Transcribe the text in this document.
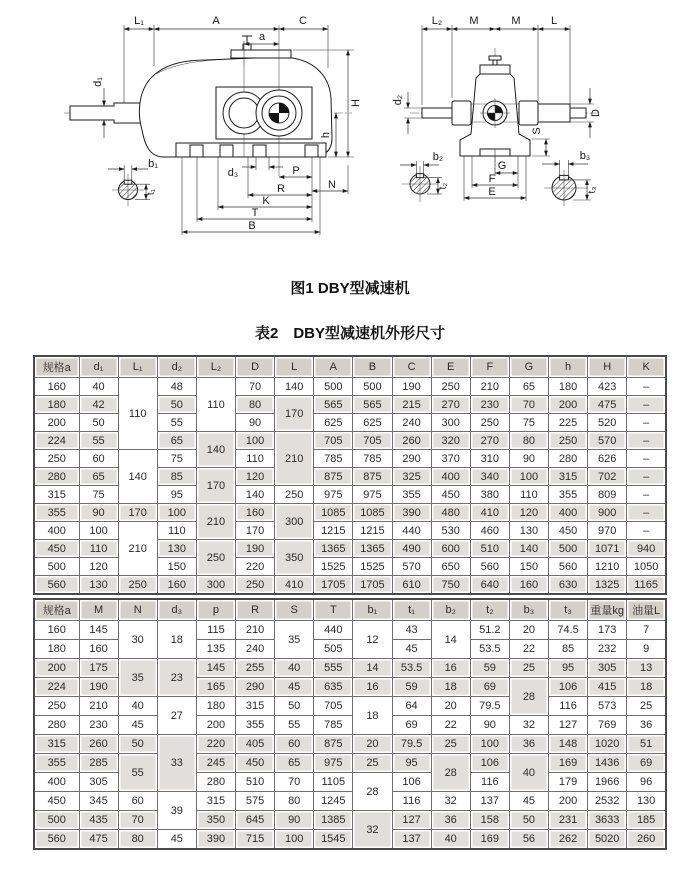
L₁	A	C
a
d₁
H
h
b₁
t₁
d₃	P
R	N
K
T
B
L₂ M	M	L
d₂
D
S
b₂
t₂
G
F
E
b₃
t₃
图1 DBY型减速机
表2　DBY型减速机外形尺寸
规格a	d₁	L₁	d₂	L₂	D	L	A	B	C	E	F	G	h	H	K
160	40	110	48	110	70	140	500	500	190	250	210	65	180	423	–
180	42		50		80	170	565	565	215	270	230	70	200	475	–
200	50		55		90		625	625	240	300	250	75	225	520	–
224	55		65	140	100	210	705	705	260	320	270	80	250	570	–
250	60	140	75		110		785	785	290	370	310	90	280	626	–
280	65		85	170	120		875	875	325	400	340	100	315	702	–
315	75		95		140	250	975	975	355	450	380	110	355	809	–
355	90	170	100	210	160	300	1085	1085	390	480	410	120	400	900	–
400	100	210	110		170		1215	1215	440	530	460	130	450	970	–
450	110		130	250	190	350	1365	1365	490	600	510	140	500	1071	940
500	120		150		220		1525	1525	570	650	560	150	560	1210	1050
560	130	250	160	300	250	410	1705	1705	610	750	640	160	630	1325	1165
规格a	M	N	d₃	p	R	S	T	b₁	t₁	b₂	t₂	b₃	t₃	重量kg	油量L
160	145	30	18	115	210	35	440	12	43	14	51.2	20	74.5	173	7
180	160			135	240		505		45		53.5	22	85	232	9
200	175	35	23	145	255	40	555	14	53.5	16	59	25	95	305	13
224	190			165	290	45	635	16	59	18	69	28	106	415	18
250	210	40	27	180	315	50	705	18	64	20	79.5		116	573	25
280	230	45		200	355	55	785		69	22	90	32	127	769	36
315	260	50	33	220	405	60	875	20	79.5	25	100	36	148	1020	51
355	285	55		245	450	65	975	25	95	28	106	40	169	1436	69
400	305			280	510	70	1105	28	106		116		179	1966	96
450	345	60	39	315	575	80	1245		116	32	137	45	200	2532	130
500	435	70		350	645	90	1385	32	127	36	158	50	231	3633	185
560	475	80	45	390	715	100	1545		137	40	169	56	262	5020	260
